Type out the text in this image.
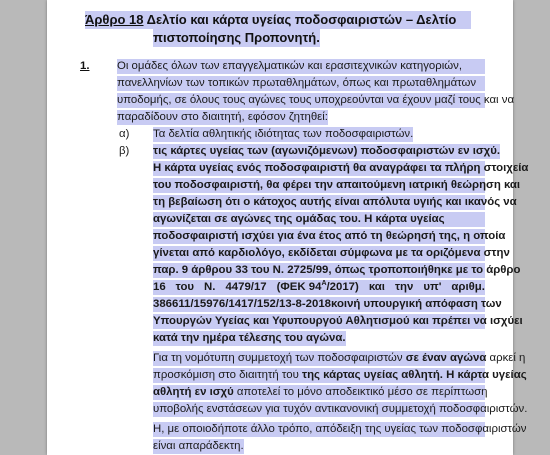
Άρθρο 18 Δελτίο και κάρτα υγείας ποδοσφαιριστών – Δελτίο
πιστοποίησης Προπονητή.
1. Οι ομάδες όλων των επαγγελματικών και ερασιτεχνικών κατηγοριών,
πανελληνίων των τοπικών πρωταθλημάτων, όπως και πρωταθλημάτων
υποδομής, σε όλους τους αγώνες τους υποχρεούνται να έχουν μαζί τους και να
παραδίδουν στο διαιτητή, εφόσον ζητηθεί:
α) Τα δελτία αθλητικής ιδιότητας των ποδοσφαιριστών.
β) τις κάρτες υγείας των (αγωνιζόμενων) ποδοσφαιριστών εν ισχύ.
Η κάρτα υγείας ενός ποδοσφαιριστή θα αναγράφει τα πλήρη στοιχεία
του ποδοσφαιριστή, θα φέρει την απαιτούμενη ιατρική θεώρηση και
τη βεβαίωση ότι ο κάτοχος αυτής είναι απόλυτα υγιής και ικανός να
αγωνίζεται σε αγώνες της ομάδας του. Η κάρτα υγείας
ποδοσφαιριστή ισχύει για ένα έτος από τη θεώρησή της, η οποία
γίνεται από καρδιολόγο, εκδίδεται σύμφωνα με τα οριζόμενα στην
παρ. 9 άρθρου 33 του Ν. 2725/99, όπως τροποποιήθηκε με το άρθρο
16 του Ν. 4479/17 (ΦΕΚ $94^A/2017$) και την υπ' αριθμ.
386611/15976/1417/152/13-8-2018 κοινή υπουργική απόφαση των
Υπουργών Υγείας και Υφυπουργού Αθλητισμού και πρέπει να ισχύει
κατά την ημέρα τέλεσης του αγώνα.
Για τη νομότυπη συμμετοχή των ποδοσφαιριστών σε έναν αγώνα αρκεί η
προσκόμιση στο διαιτητή του της κάρτας υγείας αθλητή. Η κάρτα υγείας
αθλητή εν ισχύ αποτελεί το μόνο αποδεικτικό μέσο σε περίπτωση
υποβολής ενστάσεων για τυχόν αντικανονική συμμετοχή ποδοσφαιριστών.
Η, με οποιοδήποτε άλλο τρόπο, απόδειξη της υγείας των ποδοσφαιριστών
είναι απαράδεκτη.
